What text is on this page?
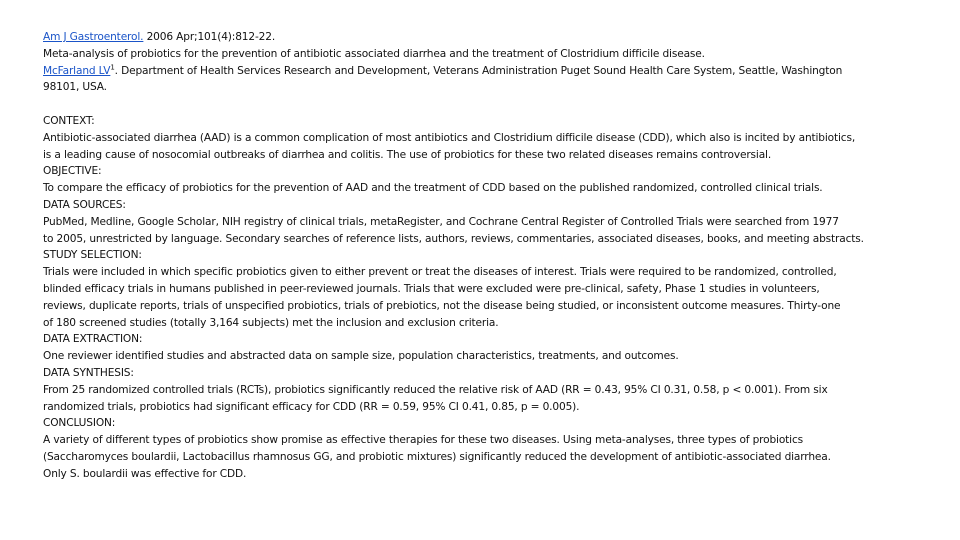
Am J Gastroenterol. 2006 Apr;101(4):812-22.
Meta-analysis of probiotics for the prevention of antibiotic associated diarrhea and the treatment of Clostridium difficile disease.
McFarland $LV^1$. Department of Health Services Research and Development, Veterans Administration Puget Sound Health Care System, Seattle, Washington
98101, USA.
CONTEXT:
Antibiotic-associated diarrhea (AAD) is a common complication of most antibiotics and Clostridium difficile disease (CDD), which also is incited by antibiotics,
is a leading cause of nosocomial outbreaks of diarrhea and colitis. The use of probiotics for these two related diseases remains controversial.
OBJECTIVE:
To compare the efficacy of probiotics for the prevention of AAD and the treatment of CDD based on the published randomized, controlled clinical trials.
DATA SOURCES:
PubMed, Medline, Google Scholar, NIH registry of clinical trials, metaRegister, and Cochrane Central Register of Controlled Trials were searched from 1977
to 2005, unrestricted by language. Secondary searches of reference lists, authors, reviews, commentaries, associated diseases, books, and meeting abstracts.
STUDY SELECTION:
Trials were included in which specific probiotics given to either prevent or treat the diseases of interest. Trials were required to be randomized, controlled,
blinded efficacy trials in humans published in peer-reviewed journals. Trials that were excluded were pre-clinical, safety, Phase 1 studies in volunteers,
reviews, duplicate reports, trials of unspecified probiotics, trials of prebiotics, not the disease being studied, or inconsistent outcome measures. Thirty-one
of 180 screened studies (totally 3,164 subjects) met the inclusion and exclusion criteria.
DATA EXTRACTION:
One reviewer identified studies and abstracted data on sample size, population characteristics, treatments, and outcomes.
DATA SYNTHESIS:
From 25 randomized controlled trials (RCTs), probiotics significantly reduced the relative risk of AAD (RR = 0.43, 95% CI 0.31, 0.58, p < 0.001). From six
randomized trials, probiotics had significant efficacy for CDD (RR = 0.59, 95% CI 0.41, 0.85, p = 0.005).
CONCLUSION:
A variety of different types of probiotics show promise as effective therapies for these two diseases. Using meta-analyses, three types of probiotics
(Saccharomyces boulardii, Lactobacillus rhamnosus GG, and probiotic mixtures) significantly reduced the development of antibiotic-associated diarrhea.
Only S. boulardii was effective for CDD.
